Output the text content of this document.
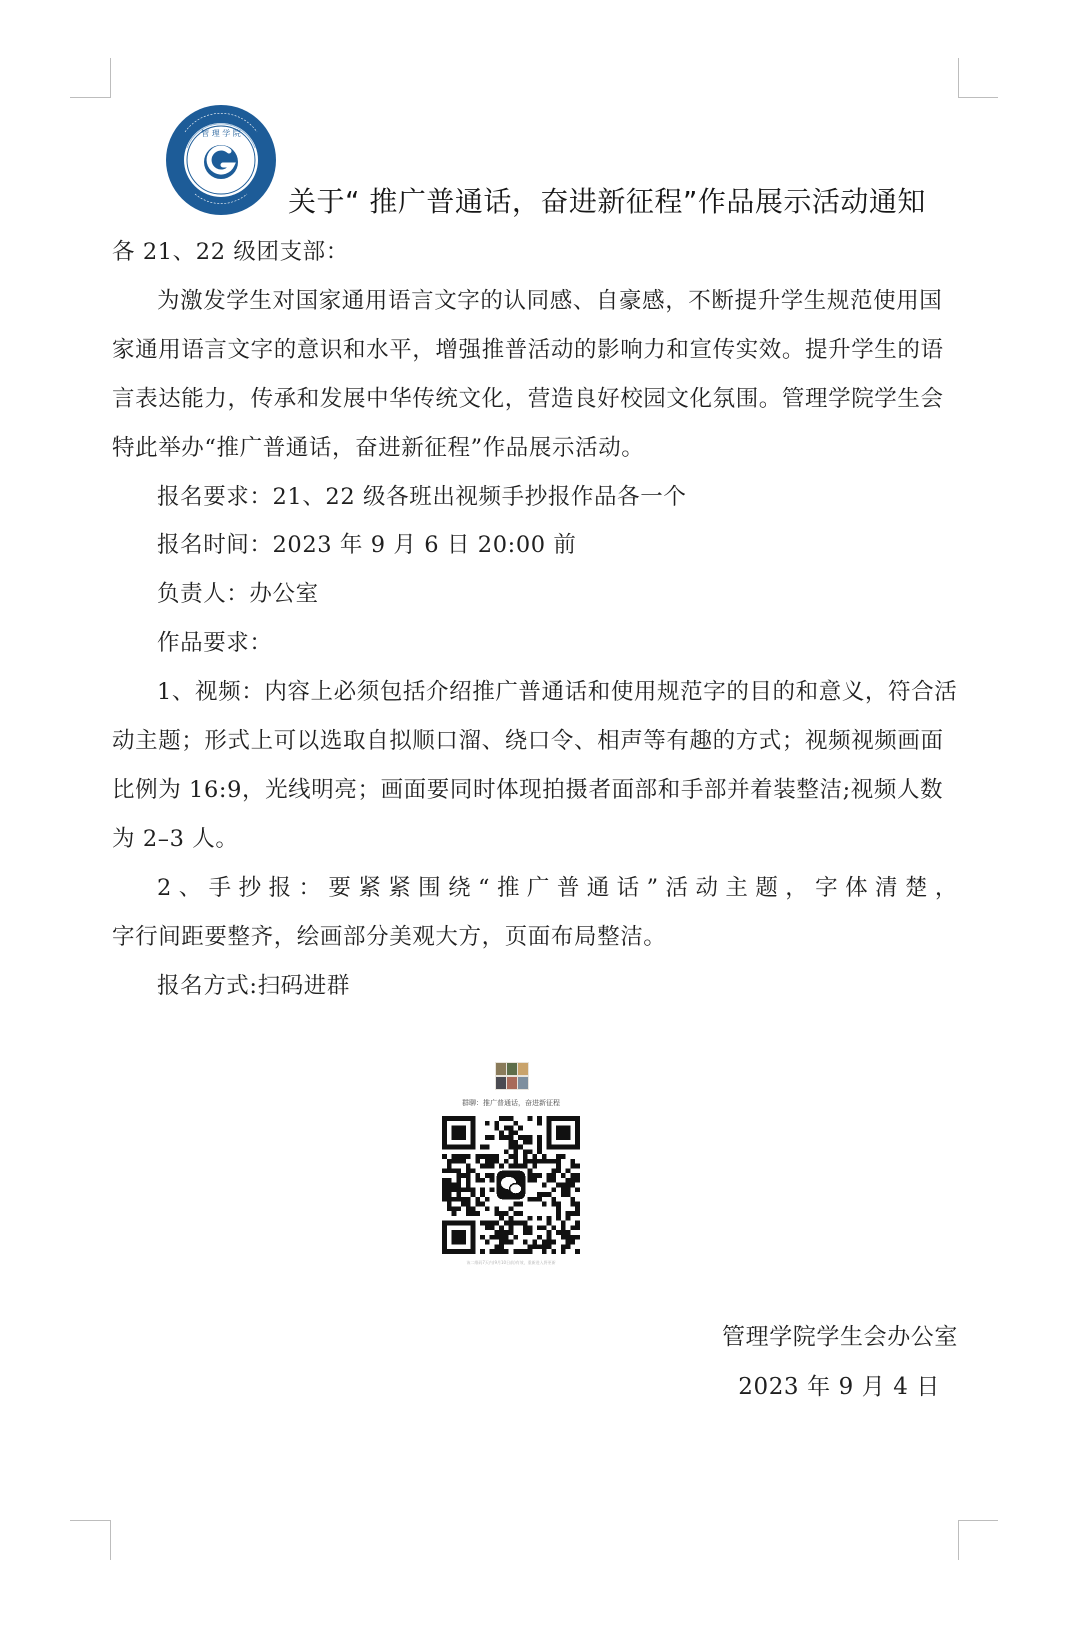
管 理 学 院
关于“ 推广普通话，奋进新征程”作品展示活动通知

各 21、22 级团支部：

为激发学生对国家通用语言文字的认同感、自豪感，不断提升学生规范使用国家通用语言文字的意识和水平，增强推普活动的影响力和宣传实效。提升学生的语言表达能力，传承和发展中华传统文化，营造良好校园文化氛围。管理学院学生会特此举办“推广普通话，奋进新征程”作品展示活动。

报名要求：21、22 级各班出视频手抄报作品各一个

报名时间：2023 年 9 月 6 日 20:00 前

负责人：办公室

作品要求：

1、视频：内容上必须包括介绍推广普通话和使用规范字的目的和意义，符合活动主题；形式上可以选取自拟顺口溜、绕口令、相声等有趣的方式；视频视频画面比例为 16:9，光线明亮；画面要同时体现拍摄者面部和手部并着装整洁;视频人数为 2–3 人。

2、手抄报：要紧紧围绕“推广普通话”活动主题，字体清楚，

字行间距要整齐，绘画部分美观大方，页面布局整洁。

报名方式:扫码进群

群聊：推广普通话，奋进新征程
该二维码7天内(9月10日前)有效，重新进入将更新
管理学院学生会办公室
2023 年 9 月 4 日
